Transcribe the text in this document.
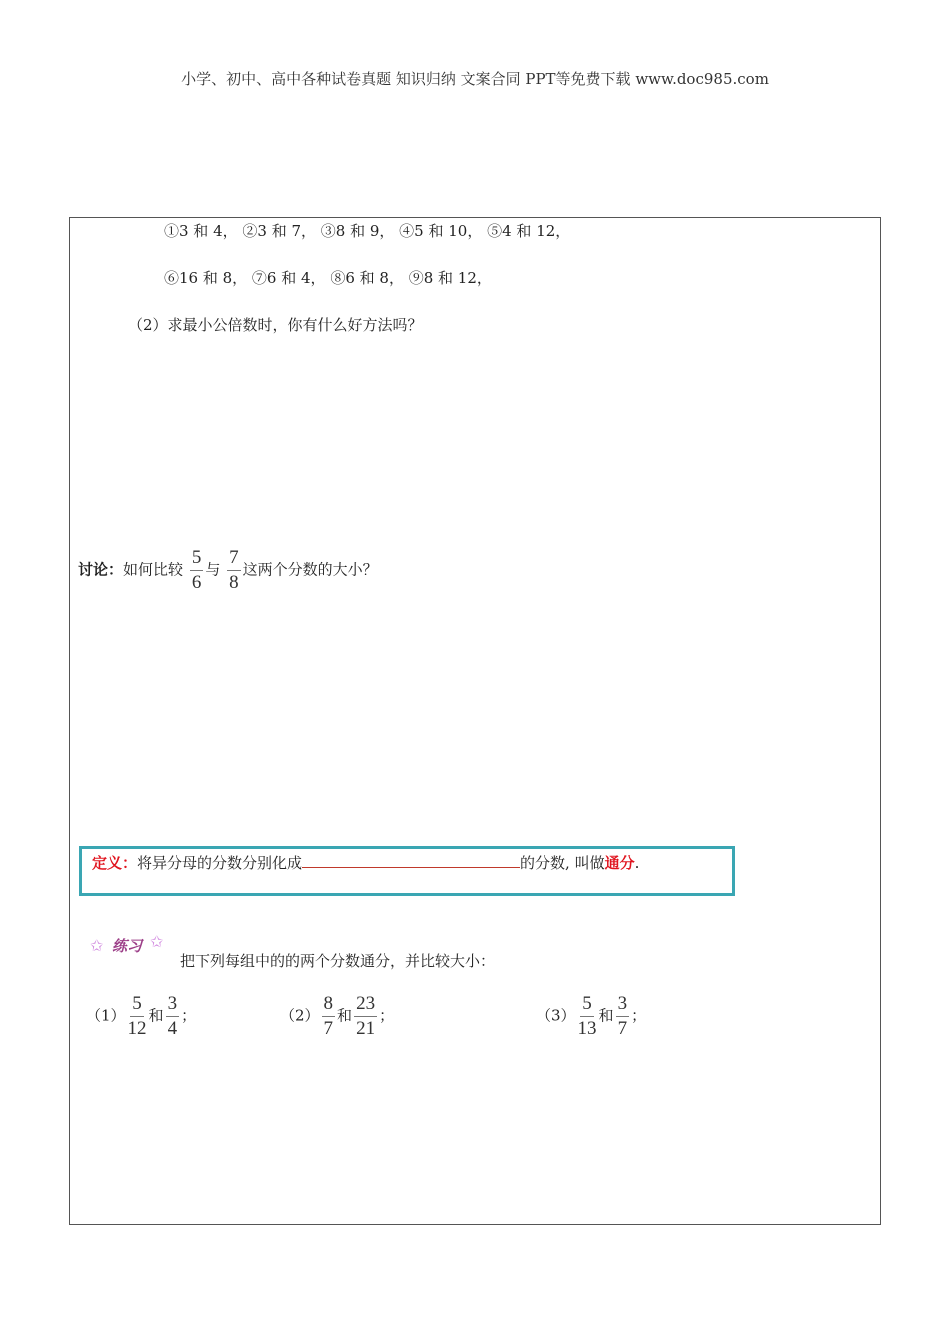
小学、初中、高中各种试卷真题 知识归纳 文案合同 PPT等免费下载 www.doc985.com
①3 和 4， ②3 和 7， ③8 和 9， ④5 和 10， ⑤4 和 12，
⑥16 和 8， ⑦6 和 4， ⑧6 和 8， ⑨8 和 12，
（2）求最小公倍数时，你有什么好方法吗？
讨论：如何比较 $\frac{5}{6}$ 与 $\frac{7}{8}$ 这两个分数的大小？
定义：将异分母的分数分别化成	的分数, 叫做通分.
✩ 练习 ✩
把下列每组中的的两个分数通分，并比较大小：
$(1) \frac{5}{12}$ 和 $\frac{3}{4}$ ；	$(2) \frac{8}{7}$ 和 $\frac{23}{21}$ ；	$(3) \frac{5}{13}$ 和 $\frac{3}{7}$ ；
